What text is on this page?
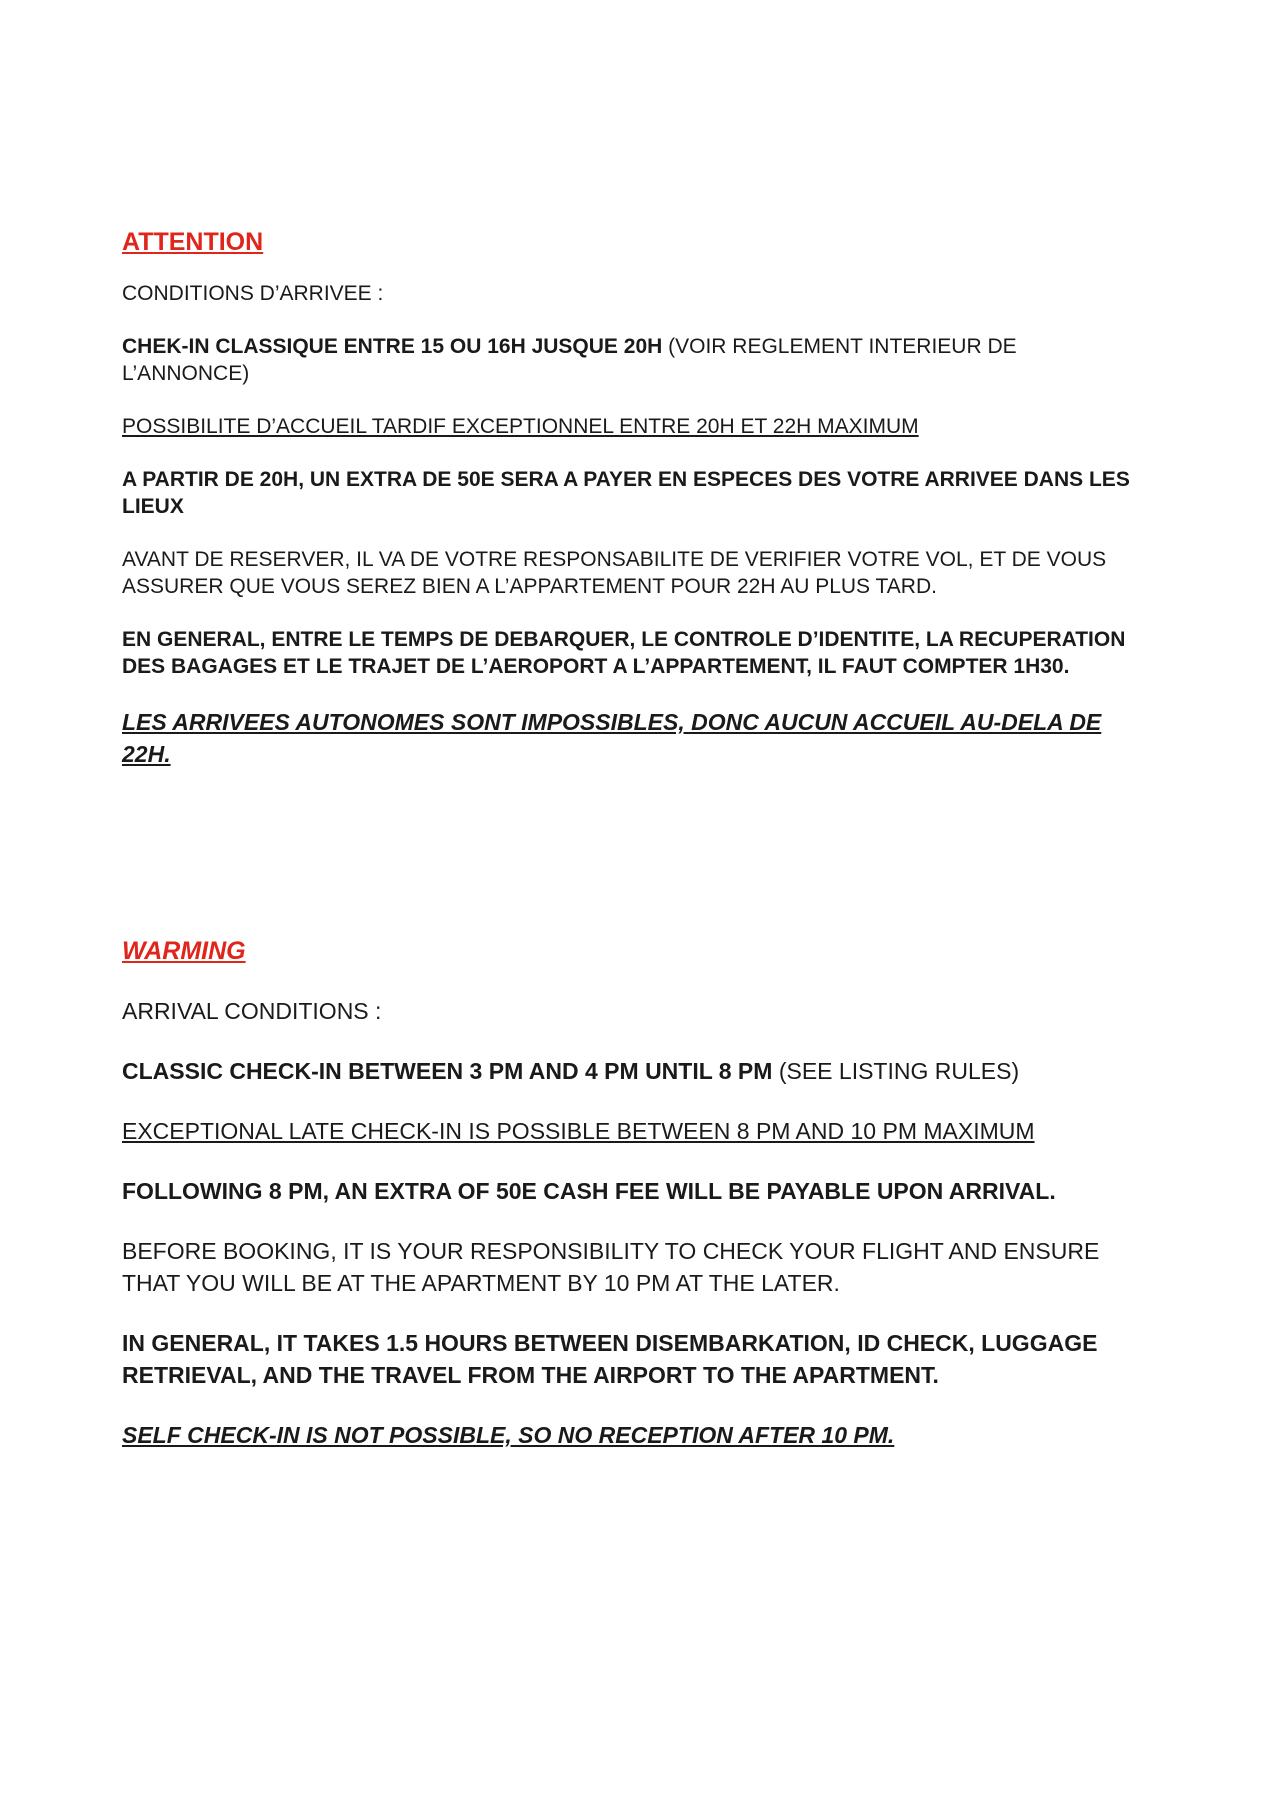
ATTENTION

CONDITIONS D’ARRIVEE :

CHEK-IN CLASSIQUE ENTRE 15 OU 16H JUSQUE 20H (VOIR REGLEMENT INTERIEUR DE L’ANNONCE)

POSSIBILITE D’ACCUEIL TARDIF EXCEPTIONNEL ENTRE 20H ET 22H MAXIMUM

A PARTIR DE 20H, UN EXTRA DE 50E SERA A PAYER EN ESPECES DES VOTRE ARRIVEE DANS LES LIEUX

AVANT DE RESERVER, IL VA DE VOTRE RESPONSABILITE DE VERIFIER VOTRE VOL, ET DE VOUS ASSURER QUE VOUS SEREZ BIEN A L’APPARTEMENT POUR 22H AU PLUS TARD.

EN GENERAL, ENTRE LE TEMPS DE DEBARQUER, LE CONTROLE D’IDENTITE, LA RECUPERATION DES BAGAGES ET LE TRAJET DE L’AEROPORT A L’APPARTEMENT, IL FAUT COMPTER 1H30.

LES ARRIVEES AUTONOMES SONT IMPOSSIBLES, DONC AUCUN ACCUEIL AU-DELA DE 22H.

WARMING

ARRIVAL CONDITIONS :

CLASSIC CHECK-IN BETWEEN 3 PM AND 4 PM UNTIL 8 PM (SEE LISTING RULES)

EXCEPTIONAL LATE CHECK-IN IS POSSIBLE BETWEEN 8 PM AND 10 PM MAXIMUM

FOLLOWING 8 PM, AN EXTRA OF 50E CASH FEE WILL BE PAYABLE UPON ARRIVAL.

BEFORE BOOKING, IT IS YOUR RESPONSIBILITY TO CHECK YOUR FLIGHT AND ENSURE THAT YOU WILL BE AT THE APARTMENT BY 10 PM AT THE LATER.

IN GENERAL, IT TAKES 1.5 HOURS BETWEEN DISEMBARKATION, ID CHECK, LUGGAGE RETRIEVAL, AND THE TRAVEL FROM THE AIRPORT TO THE APARTMENT.

SELF CHECK-IN IS NOT POSSIBLE, SO NO RECEPTION AFTER 10 PM.
